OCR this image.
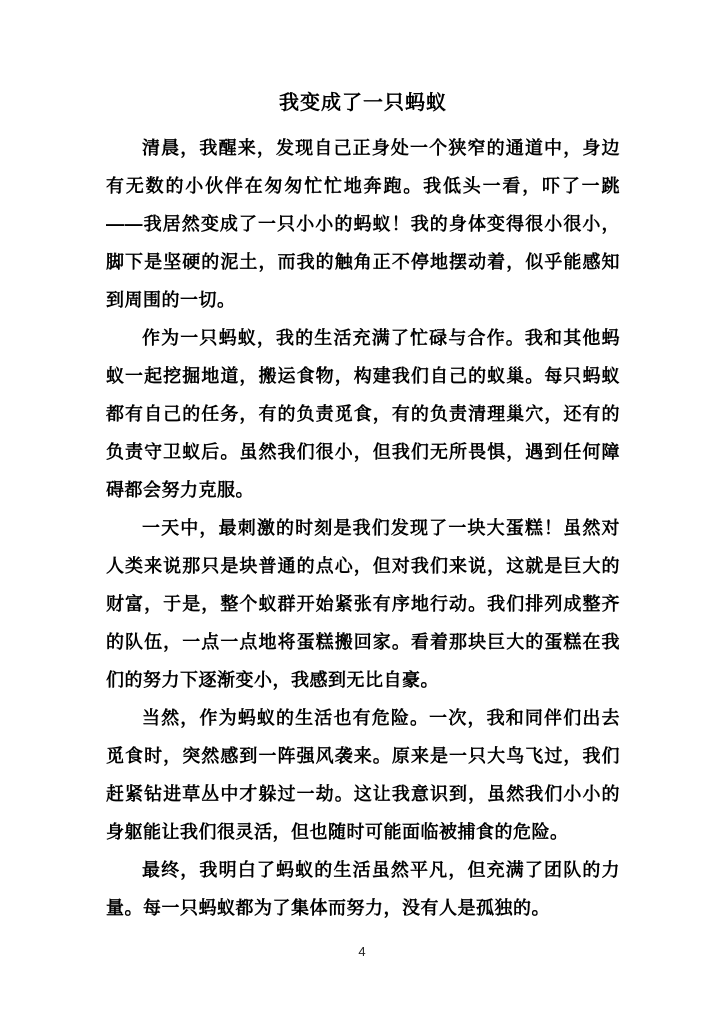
我变成了一只蚂蚁

清晨，我醒来，发现自己正身处一个狭窄的通道中，身边有无数的小伙伴在匆匆忙忙地奔跑。我低头一看，吓了一跳——我居然变成了一只小小的蚂蚁！我的身体变得很小很小，脚下是坚硬的泥土，而我的触角正不停地摆动着，似乎能感知到周围的一切。

作为一只蚂蚁，我的生活充满了忙碌与合作。我和其他蚂蚁一起挖掘地道，搬运食物，构建我们自己的蚁巢。每只蚂蚁都有自己的任务，有的负责觅食，有的负责清理巢穴，还有的负责守卫蚁后。虽然我们很小，但我们无所畏惧，遇到任何障碍都会努力克服。

一天中，最刺激的时刻是我们发现了一块大蛋糕！虽然对人类来说那只是块普通的点心，但对我们来说，这就是巨大的财富，于是，整个蚁群开始紧张有序地行动。我们排列成整齐的队伍，一点一点地将蛋糕搬回家。看着那块巨大的蛋糕在我们的努力下逐渐变小，我感到无比自豪。

当然，作为蚂蚁的生活也有危险。一次，我和同伴们出去觅食时，突然感到一阵强风袭来。原来是一只大鸟飞过，我们赶紧钻进草丛中才躲过一劫。这让我意识到，虽然我们小小的身躯能让我们很灵活，但也随时可能面临被捕食的危险。

最终，我明白了蚂蚁的生活虽然平凡，但充满了团队的力量。每一只蚂蚁都为了集体而努力，没有人是孤独的。

4
